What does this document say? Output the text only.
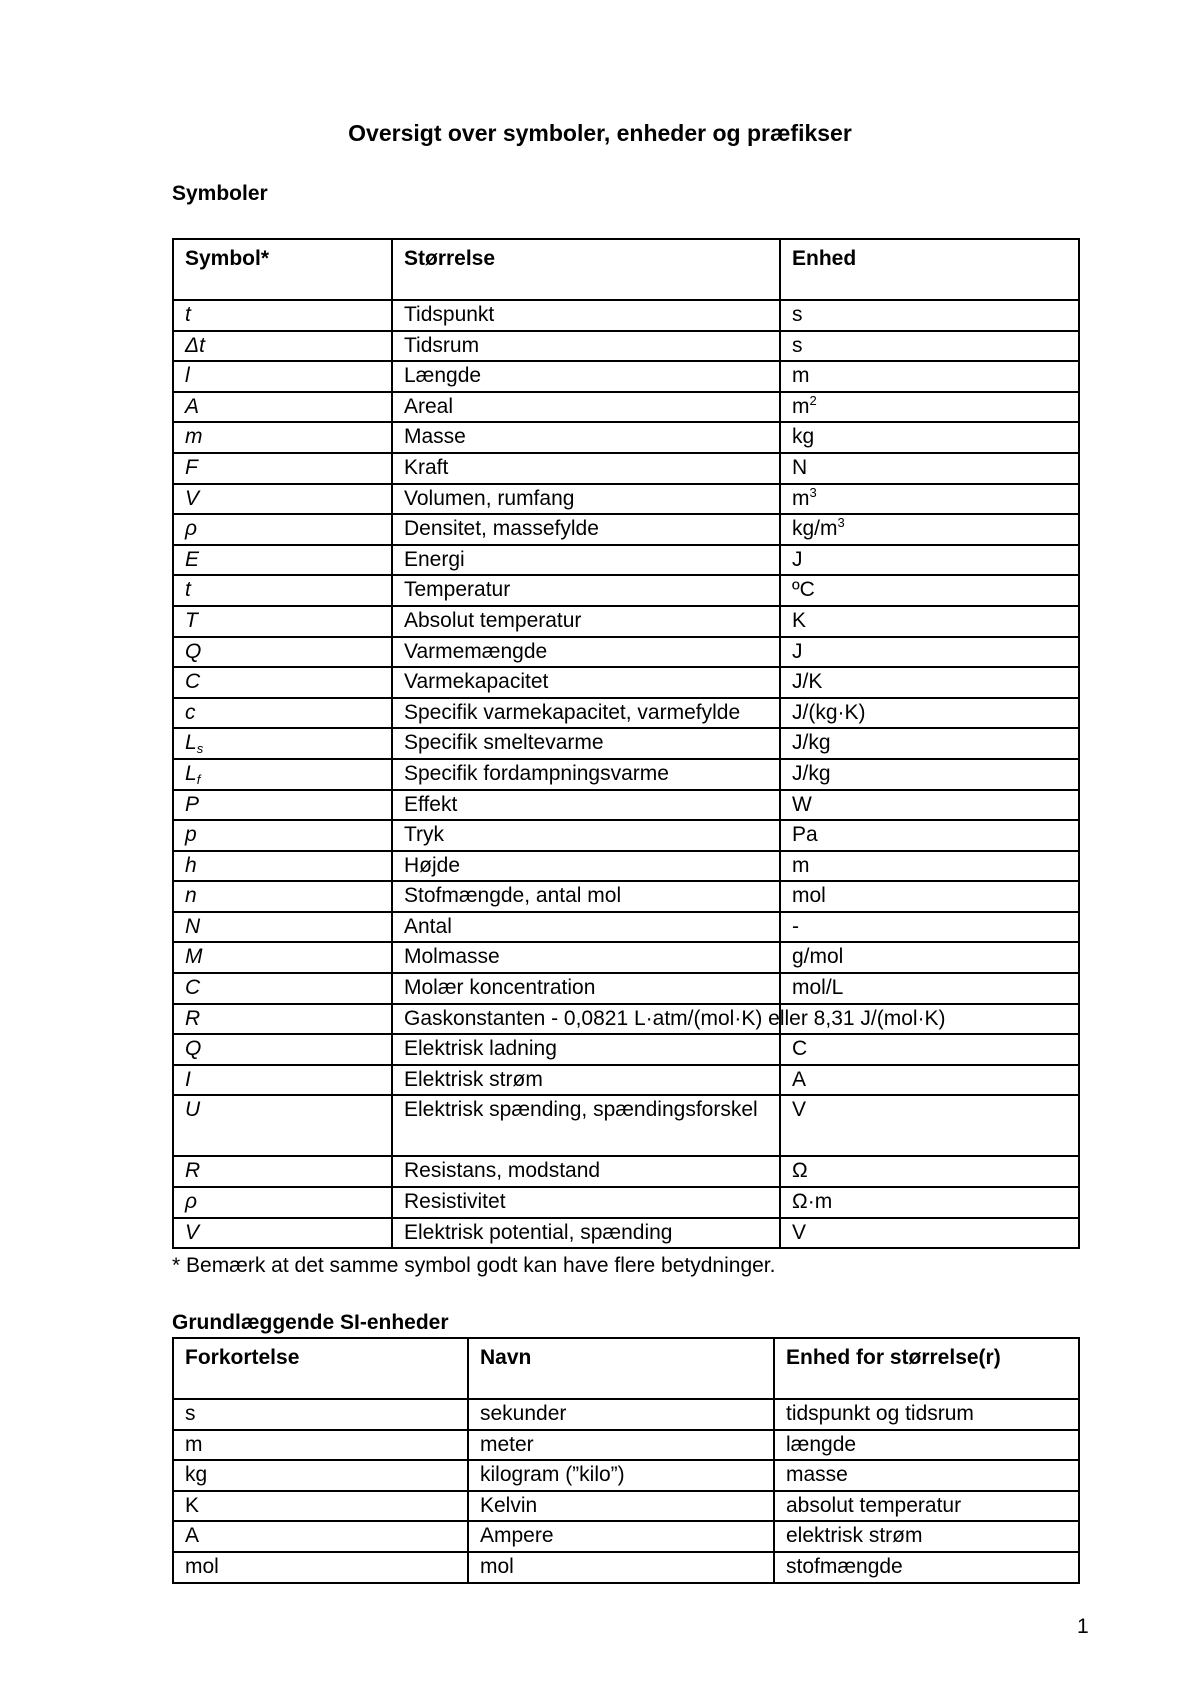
Oversigt over symboler, enheder og præfikser
Symboler
Symbol*	Størrelse	Enhed
t	Tidspunkt	s
Δt	Tidsrum	s
l	Længde	m
A	Areal	$m^2$
m	Masse	kg
F	Kraft	N
V	Volumen, rumfang	$m^3$
ρ	Densitet, massefylde	$kg/m^3$
E	Energi	J
t	Temperatur	ºC
T	Absolut temperatur	K
Q	Varmemængde	J
C	Varmekapacitet	J/K
c	Specifik varmekapacitet, varmefylde	J/(kg·K)
$L_s$	Specifik smeltevarme	J/kg
$L_f$	Specifik fordampningsvarme	J/kg
P	Effekt	W
p	Tryk	Pa
h	Højde	m
n	Stofmængde, antal mol	mol
N	Antal	-
M	Molmasse	g/mol
C	Molær koncentration	mol/L
R	Gaskonstanten - 0,0821 L·atm/(mol·K) eller 8,31 J/(mol·K)	
Q	Elektrisk ladning	C
I	Elektrisk strøm	A
U	Elektrisk spænding, spændingsforskel	V
R	Resistans, modstand	Ω
ρ	Resistivitet	Ω·m
V	Elektrisk potential, spænding	V
* Bemærk at det samme symbol godt kan have flere betydninger.
Grundlæggende SI-enheder
Forkortelse	Navn	Enhed for størrelse(r)
s	sekunder	tidspunkt og tidsrum
m	meter	længde
kg	kilogram (”kilo”)	masse
K	Kelvin	absolut temperatur
A	Ampere	elektrisk strøm
mol	mol	stofmængde
1
